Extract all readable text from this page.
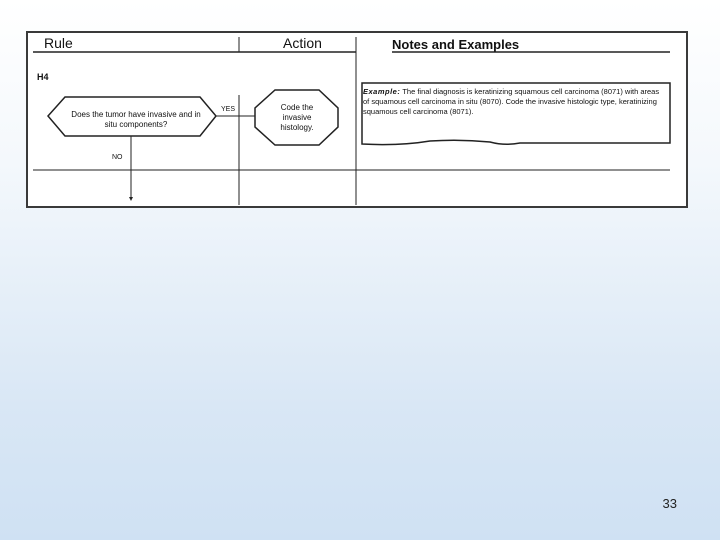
Rule	Action	Notes and Examples
H4
Does the tumor have invasive and in situ components?
YES
NO
Code the invasive histology.
Example: The final diagnosis is keratinizing squamous cell carcinoma (8071) with areas of squamous cell carcinoma in situ (8070). Code the invasive histologic type, keratinizing squamous cell carcinoma (8071).
33
